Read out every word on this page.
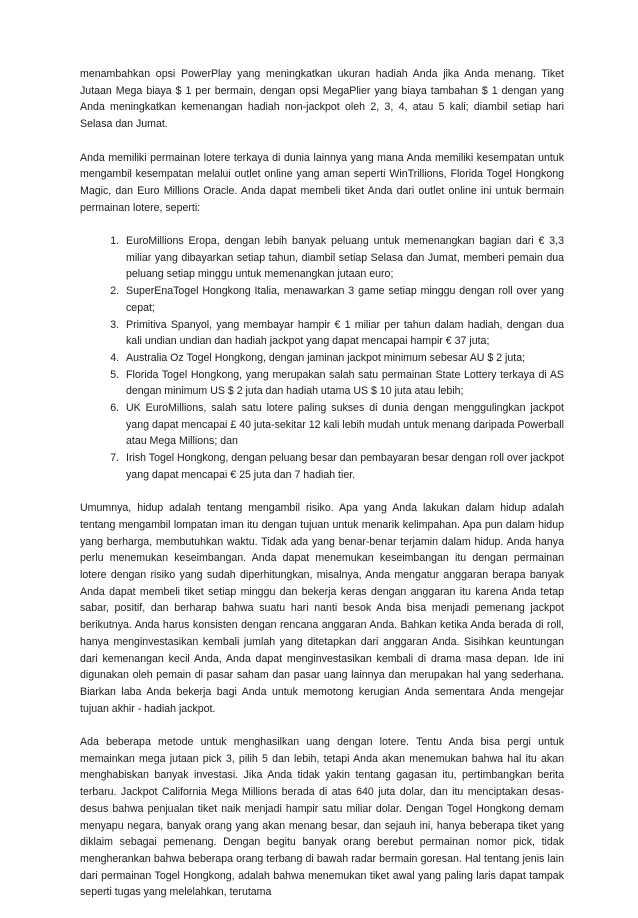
menambahkan opsi PowerPlay yang meningkatkan ukuran hadiah Anda jika Anda menang. Tiket Jutaan Mega biaya $ 1 per bermain, dengan opsi MegaPlier yang biaya tambahan $ 1 dengan yang Anda meningkatkan kemenangan hadiah non-jackpot oleh 2, 3, 4, atau 5 kali; diambil setiap hari Selasa dan Jumat.

Anda memiliki permainan lotere terkaya di dunia lainnya yang mana Anda memiliki kesempatan untuk mengambil kesempatan melalui outlet online yang aman seperti WinTrillions, Florida Togel Hongkong Magic, dan Euro Millions Oracle. Anda dapat membeli tiket Anda dari outlet online ini untuk bermain permainan lotere, seperti:

1. EuroMillions Eropa, dengan lebih banyak peluang untuk memenangkan bagian dari € 3,3 miliar yang dibayarkan setiap tahun, diambil setiap Selasa dan Jumat, memberi pemain dua peluang setiap minggu untuk memenangkan jutaan euro;
2. SuperEnaTogel Hongkong Italia, menawarkan 3 game setiap minggu dengan roll over yang cepat;
3. Primitiva Spanyol, yang membayar hampir € 1 miliar per tahun dalam hadiah, dengan dua kali undian undian dan hadiah jackpot yang dapat mencapai hampir € 37 juta;
4. Australia Oz Togel Hongkong, dengan jaminan jackpot minimum sebesar AU $ 2 juta;
5. Florida Togel Hongkong, yang merupakan salah satu permainan State Lottery terkaya di AS dengan minimum US $ 2 juta dan hadiah utama US $ 10 juta atau lebih;
6. UK EuroMillions, salah satu lotere paling sukses di dunia dengan menggulingkan jackpot yang dapat mencapai £ 40 juta-sekitar 12 kali lebih mudah untuk menang daripada Powerball atau Mega Millions; dan
7. Irish Togel Hongkong, dengan peluang besar dan pembayaran besar dengan roll over jackpot yang dapat mencapai € 25 juta dan 7 hadiah tier.

Umumnya, hidup adalah tentang mengambil risiko. Apa yang Anda lakukan dalam hidup adalah tentang mengambil lompatan iman itu dengan tujuan untuk menarik kelimpahan. Apa pun dalam hidup yang berharga, membutuhkan waktu. Tidak ada yang benar-benar terjamin dalam hidup. Anda hanya perlu menemukan keseimbangan. Anda dapat menemukan keseimbangan itu dengan permainan lotere dengan risiko yang sudah diperhitungkan, misalnya, Anda mengatur anggaran berapa banyak Anda dapat membeli tiket setiap minggu dan bekerja keras dengan anggaran itu karena Anda tetap sabar, positif, dan berharap bahwa suatu hari nanti besok Anda bisa menjadi pemenang jackpot berikutnya. Anda harus konsisten dengan rencana anggaran Anda. Bahkan ketika Anda berada di roll, hanya menginvestasikan kembali jumlah yang ditetapkan dari anggaran Anda. Sisihkan keuntungan dari kemenangan kecil Anda, Anda dapat menginvestasikan kembali di drama masa depan. Ide ini digunakan oleh pemain di pasar saham dan pasar uang lainnya dan merupakan hal yang sederhana. Biarkan laba Anda bekerja bagi Anda untuk memotong kerugian Anda sementara Anda mengejar tujuan akhir - hadiah jackpot.

Ada beberapa metode untuk menghasilkan uang dengan lotere. Tentu Anda bisa pergi untuk memainkan mega jutaan pick 3, pilih 5 dan lebih, tetapi Anda akan menemukan bahwa hal itu akan menghabiskan banyak investasi. Jika Anda tidak yakin tentang gagasan itu, pertimbangkan berita terbaru. Jackpot California Mega Millions berada di atas 640 juta dolar, dan itu menciptakan desas-desus bahwa penjualan tiket naik menjadi hampir satu miliar dolar. Dengan Togel Hongkong demam menyapu negara, banyak orang yang akan menang besar, dan sejauh ini, hanya beberapa tiket yang diklaim sebagai pemenang. Dengan begitu banyak orang berebut permainan nomor pick, tidak mengherankan bahwa beberapa orang terbang di bawah radar bermain goresan. Hal tentang jenis lain dari permainan Togel Hongkong, adalah bahwa menemukan tiket awal yang paling laris dapat tampak seperti tugas yang melelahkan, terutama
